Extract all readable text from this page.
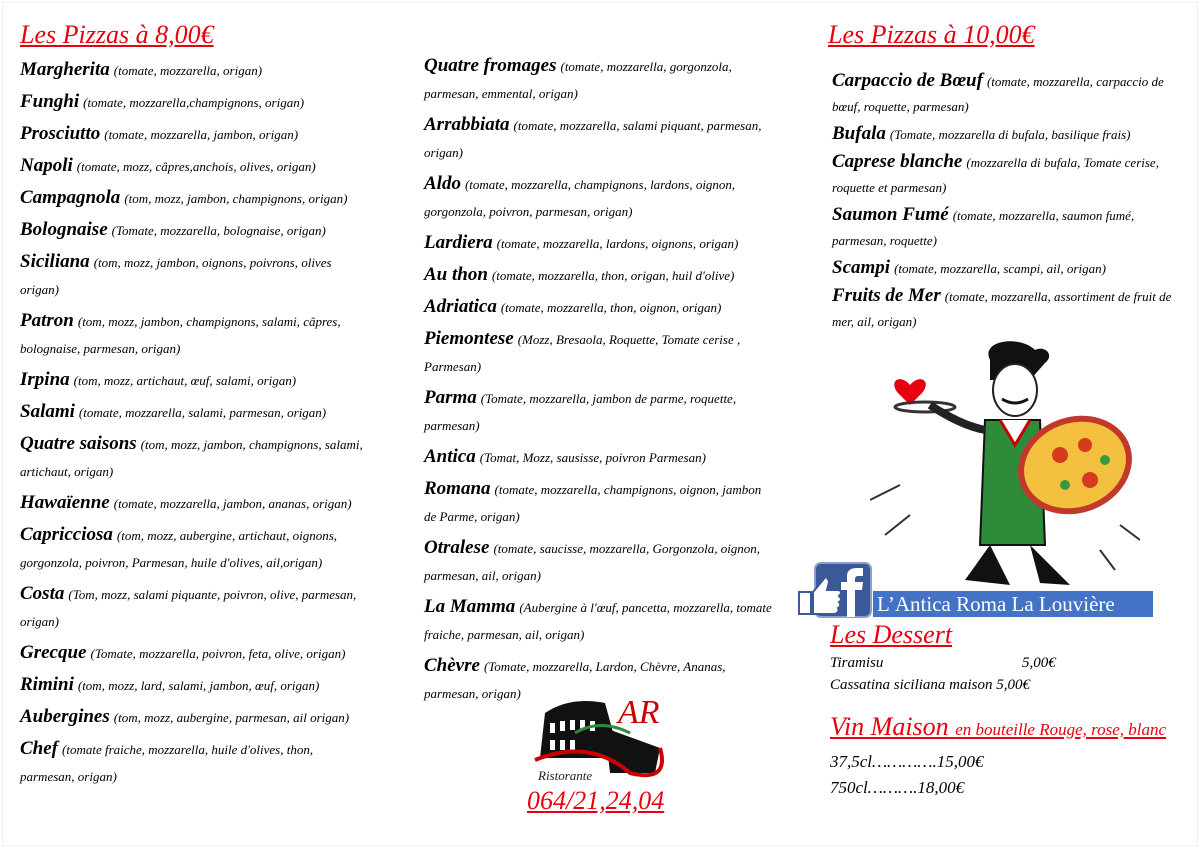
Les Pizzas à 8,00€
Margherita (tomate, mozzarella, origan)
Funghi (tomate, mozzarella,champignons, origan)
Prosciutto (tomate, mozzarella, jambon, origan)
Napoli (tomate, mozz, câpres,anchois, olives, origan)
Campagnola (tom, mozz, jambon, champignons, origan)
Bolognaise (Tomate, mozzarella, bolognaise, origan)
Siciliana (tom, mozz, jambon, oignons, poivrons, olives origan)
Patron (tom, mozz, jambon, champignons, salami, câpres, bolognaise, parmesan, origan)
Irpina (tom, mozz, artichaut, œuf, salami, origan)
Salami (tomate, mozzarella, salami, parmesan, origan)
Quatre saisons (tom, mozz, jambon, champignons, salami, artichaut, origan)
Hawaïenne (tomate, mozzarella, jambon, ananas, origan)
Capricciosa (tom, mozz, aubergine, artichaut, oignons, gorgonzola, poivron, Parmesan, huile d'olives, ail,origan)
Costa (Tom, mozz, salami piquante, poivron, olive, parmesan, origan)
Grecque (Tomate, mozzarella, poivron, feta, olive, origan)
Rimini (tom, mozz, lard, salami, jambon, œuf, origan)
Aubergines (tom, mozz, aubergine, parmesan, ail origan)
Chef (tomate fraiche, mozzarella, huile d'olives, thon, parmesan, origan)
Quatre fromages (tomate, mozzarella, gorgonzola, parmesan, emmental, origan)
Arrabbiata (tomate, mozzarella, salami piquant, parmesan, origan)
Aldo (tomate, mozzarella, champignons, lardons, oignon, gorgonzola, poivron, parmesan, origan)
Lardiera (tomate, mozzarella, lardons, oignons, origan)
Au thon (tomate, mozzarella, thon, origan, huil d'olive)
Adriatica (tomate, mozzarella, thon, oignon, origan)
Piemontese (Mozz, Bresaola, Roquette, Tomate cerise , Parmesan)
Parma (Tomate, mozzarella, jambon de parme, roquette, parmesan)
Antica (Tomat, Mozz, sausisse, poivron Parmesan)
Romana (tomate, mozzarella, champignons, oignon, jambon de Parme, origan)
Otralese (tomate, saucisse, mozzarella, Gorgonzola, oignon, parmesan, ail, origan)
La Mamma (Aubergine à l'œuf, pancetta, mozzarella, tomate fraiche, parmesan, ail, origan)
Chèvre (Tomate, mozzarella, Lardon, Chèvre, Ananas, parmesan, origan)
Les Pizzas à 10,00€
Carpaccio de Bœuf (tomate, mozzarella, carpaccio de bœuf, roquette, parmesan)
Bufala (Tomate, mozzarella di bufala, basilique frais)
Caprese blanche (mozzarella di bufala, Tomate cerise, roquette et parmesan)
Saumon Fumé (tomate, mozzarella, saumon fumé, parmesan, roquette)
Scampi (tomate, mozzarella, scampi, ail, origan)
Fruits de Mer (tomate, mozzarella, assortiment de fruit de mer, ail, origan)
L’Antica Roma La Louvière
Les Dessert
Tiramisu	5,00€
Cassatina siciliana maison
5,00€
Vin Maison en bouteille Rouge, rose, blanc
37,5cl …………. 15,00€
750cl ………. 18,00€
AR
Ristorante
064/21,24,04
